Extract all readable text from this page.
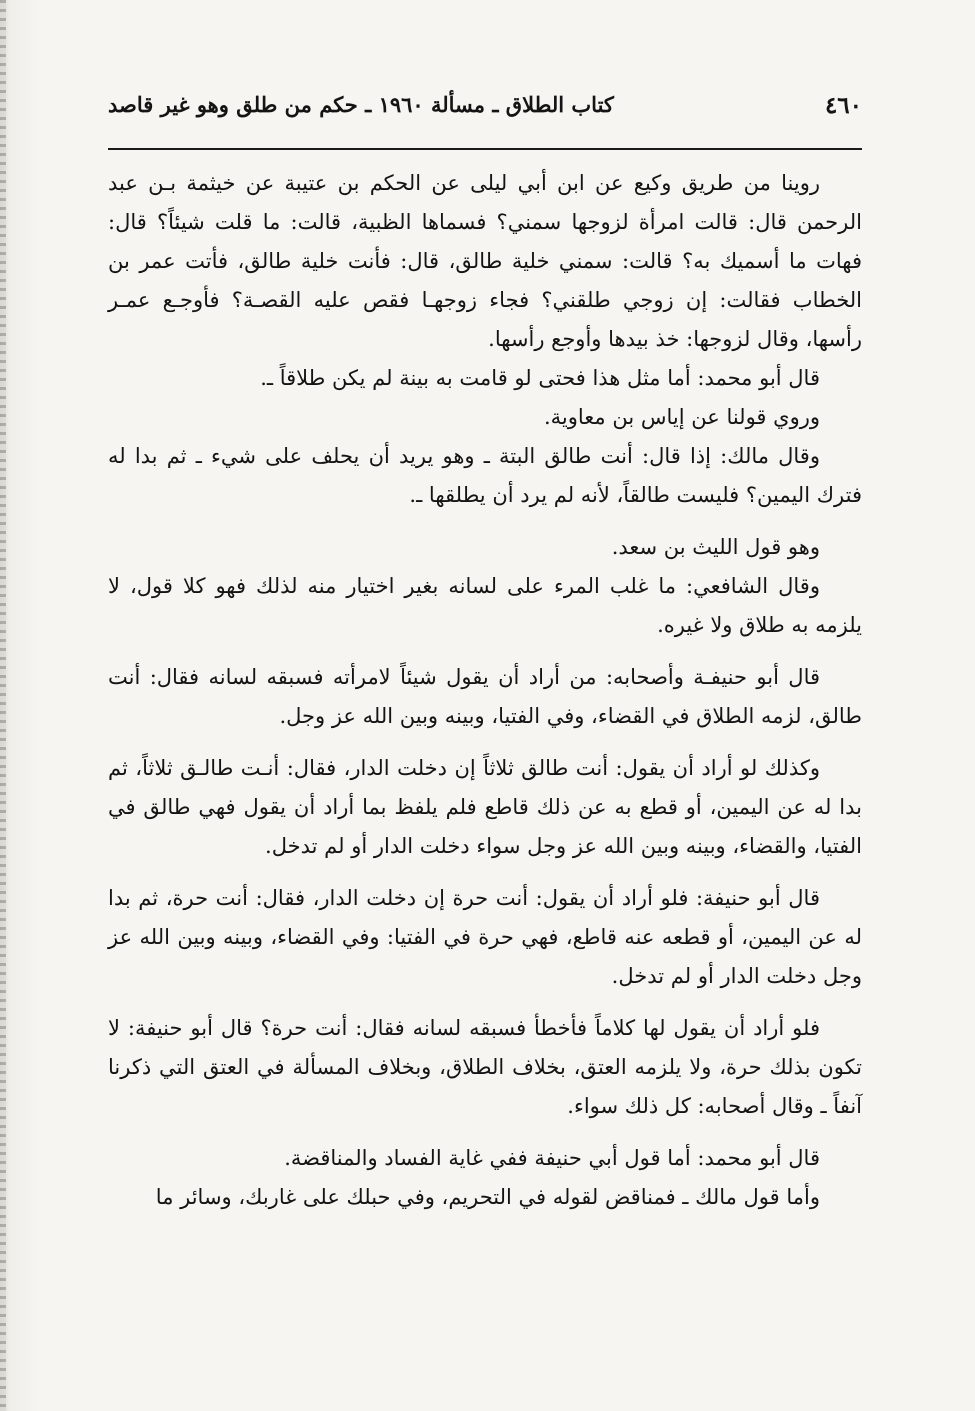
٤٦٠
كتاب الطلاق ـ مسألة ١٩٦٠ ـ حكم من طلق وهو غير قاصد

روينا من طريق وكيع عن ابن أبي ليلى عن الحكم بن عتيبة عن خيثمة بـن عبد الرحمن قال: قالت امرأة لزوجها سمني؟ فسماها الظبية، قالت: ما قلت شيئاً؟ قال: فهات ما أسميك به؟ قالت: سمني خلية طالق، قال: فأنت خلية طالق، فأتت عمر بن الخطاب فقالت: إن زوجي طلقني؟ فجاء زوجهـا فقص عليه القصـة؟ فأوجـع عمـر رأسها، وقال لزوجها: خذ بيدها وأوجع رأسها.

قال أبو محمد: أما مثل هذا فحتى لو قامت به بينة لم يكن طلاقاً ـ.

وروي قولنا عن إياس بن معاوية.

وقال مالك: إذا قال: أنت طالق البتة ـ وهو يريد أن يحلف على شيء ـ ثم بدا له فترك اليمين؟ فليست طالقاً، لأنه لم يرد أن يطلقها ـ.

وهو قول الليث بن سعد.

وقال الشافعي: ما غلب المرء على لسانه بغير اختيار منه لذلك فهو كلا قول، لا يلزمه به طلاق ولا غيره.

قال أبو حنيفـة وأصحابه: من أراد أن يقول شيئاً لامرأته فسبقه لسانه فقال: أنت طالق، لزمه الطلاق في القضاء، وفي الفتيا، وبينه وبين الله عز وجل.

وكذلك لو أراد أن يقول: أنت طالق ثلاثاً إن دخلت الدار، فقال: أنـت طالـق ثلاثاً، ثم بدا له عن اليمين، أو قطع به عن ذلك قاطع فلم يلفظ بما أراد أن يقول فهي طالق في الفتيا، والقضاء، وبينه وبين الله عز وجل سواء دخلت الدار أو لم تدخل.

قال أبو حنيفة: فلو أراد أن يقول: أنت حرة إن دخلت الدار، فقال: أنت حرة، ثم بدا له عن اليمين، أو قطعه عنه قاطع، فهي حرة في الفتيا: وفي القضاء، وبينه وبين الله عز وجل دخلت الدار أو لم تدخل.

فلو أراد أن يقول لها كلاماً فأخطأ فسبقه لسانه فقال: أنت حرة؟ قال أبو حنيفة: لا تكون بذلك حرة، ولا يلزمه العتق، بخلاف الطلاق، وبخلاف المسألة في العتق التي ذكرنا آنفاً ـ وقال أصحابه: كل ذلك سواء.

قال أبو محمد: أما قول أبي حنيفة ففي غاية الفساد والمناقضة.

وأما قول مالك ـ فمناقض لقوله في التحريم، وفي حبلك على غاربك، وسائر ما
